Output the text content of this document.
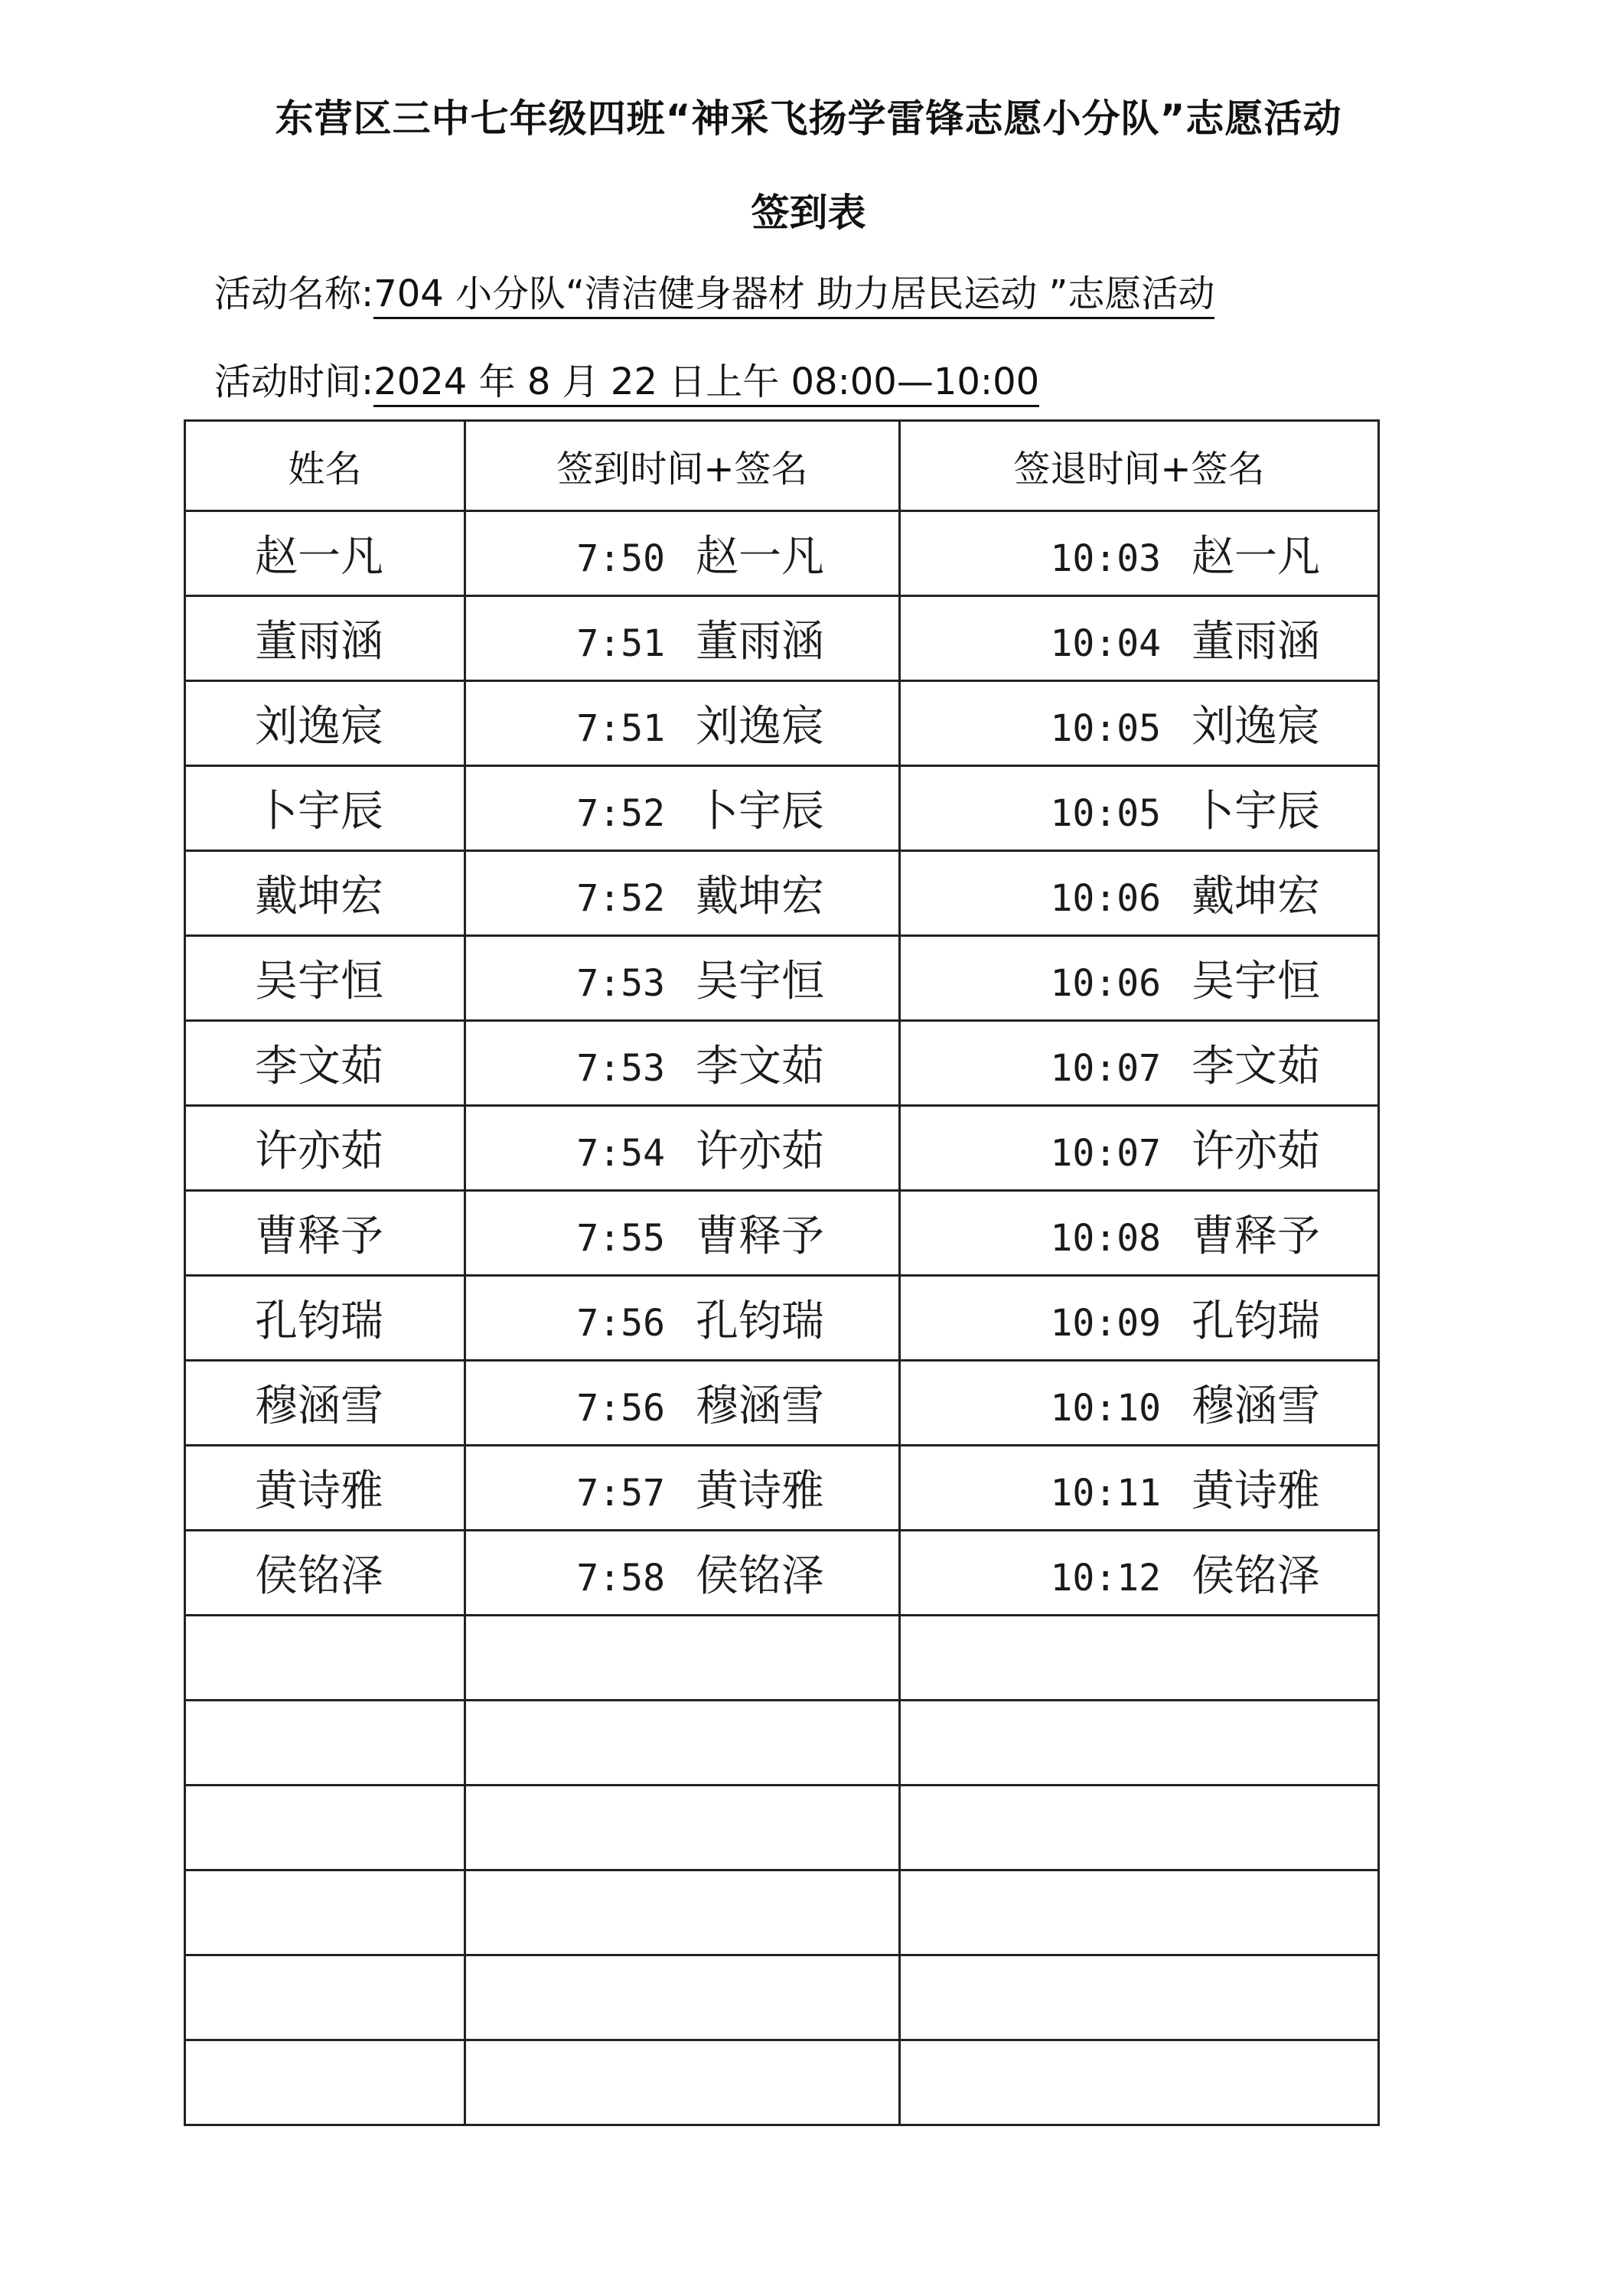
东营区三中七年级四班“神采飞扬学雷锋志愿小分队”志愿活动
签到表
活动名称:704 小分队“清洁健身器材 助力居民运动 ”志愿活动
活动时间:2024 年 8 月 22 日上午 08:00—10:00
姓名	签到时间+签名	签退时间+签名

赵一凡	7:50 赵一凡	10:03 赵一凡

董雨涵	7:51 董雨涵	10:04 董雨涵

刘逸宸	7:51 刘逸宸	10:05 刘逸宸

卜宇辰	7:52 卜宇辰	10:05 卜宇辰

戴坤宏	7:52 戴坤宏	10:06 戴坤宏

吴宇恒	7:53 吴宇恒	10:06 吴宇恒

李文茹	7:53 李文茹	10:07 李文茹

许亦茹	7:54 许亦茹	10:07 许亦茹

曹释予	7:55 曹释予	10:08 曹释予

孔钧瑞	7:56 孔钧瑞	10:09 孔钧瑞

穆涵雪	7:56 穆涵雪	10:10 穆涵雪

黄诗雅	7:57 黄诗雅	10:11 黄诗雅

侯铭泽	7:58 侯铭泽	10:12 侯铭泽
